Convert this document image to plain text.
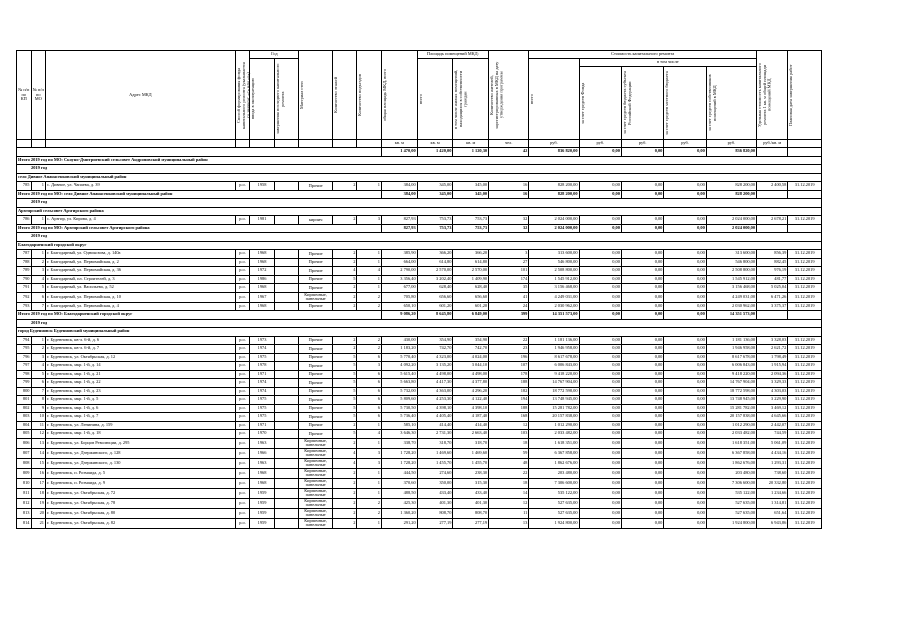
№ п/п по КП	№ п/п по МО	Адрес МКД	Способ формирования фонда капитального ремонта (указывается со значком: «с» или «о»)	Год		Материал стен	Количество этажей	Количество подъездов	общая площадь МКД, всего	Площадь помещений МКД:		Количество жителей, зарегистрированных в МКД на дату утверждения программы	Стоимость капитального ремонта					Удельная стоимость капитального ремонта 1 кв. м общей площади помещений МКД	Плановая дата завершения работ

				ввода в эксплуатацию	завершения последнего капитального ремонта					всего	в том числе жилых помещений, находящихся в собственности граждан		всего	в том числе					

														за счет средств Фонда	за счет средств бюджета субъекта Российской Федерации	за счет средств местного бюджета	за счет средств собственников помещений в МКД		

									кв. м	кв. м	кв. м	чел.	руб.	руб.	руб.	руб.	руб.	руб./кв. м	
									1 470,00	1 420,00	1 120,30	42	836 820,00	0,00	0,00	0,00	836 820,00		
Итого 2019 год по МО: Скоуно-Дмитриевский сельсовет Андроповский муниципальный район																			
2019 год																			
село Дивное Апанасенковский муниципальный район																			
785	1	с. Дивное, ул. Чапаева, д. 39	р.о.	1958		Прочие	2	1	384,00	345,00	345,00	16	828 200,00	0,00	0,00	0,00	828 200,00	2 400,58	31.12.2019
Итого 2019 год по МО: село Дивное Апанасенковский муниципальный район									384,00	345,00	345,00	16	828 200,00	0,00	0,00	0,00	828 200,00		
2019 год																			
Арзгирский сельсовет Арзгирского района																			
786	1	с. Арзгир, ул. Кирова, д. 4	р.о.	1981		кирпич	2	3	827,93	753,73	753,73	32	2 024 000,00	0,00	0,00	0,00	2 024 000,00	2 678,21	31.12.2019
Итого 2019 год по МО: Арзгирский сельсовет Арзгирского района									827,93	753,73	753,73	32	2 024 000,00	0,00	0,00	0,00	2 024 000,00		
2019 год																			
Благодарненский городской округ																			
787	1	г. Благодарный, ул. Однокозова, д. 140а	р.о.	1968		Прочие	2	1	385,90	366,20	366,20	3	313 600,00	0,00	0,00	0,00	313 600,00	856,39	31.12.2019
788	2	г. Благодарный, ул. Первомайская, д. 2	р.о.	1968		Прочие	2	1	664,00	614,80	614,80	27	546 800,00	0,00	0,00	0,00	546 800,00	882,45	31.12.2019
789	3	г. Благодарный, ул. Первомайская, д. 36	р.о.	1972		Прочие	4	4	2 790,00	2 570,00	2 570,00	101	2 508 800,00	0,00	0,00	0,00	2 508 800,00	976,19	31.12.2019
790	4	г. Благодарный, пл. Строителей, д. 3	р.о.	1986		Прочие	5	1	3 356,40	3 202,40	1 409,90	174	1 545 912,00	0,00	0,00	0,00	1 545 912,00	481,77	31.12.2019
791	5	г. Благодарный, ул. Васильева, д. 52	р.о.	1968		Прочие	2	1	677,00	628,40	628,40	35	3 156 468,00	0,00	0,00	0,00	3 156 468,00	5 025,04	31.12.2019
792	6	г. Благодарный, ул. Первомайская, д. 10	р.о.	1967		Кирпичные, панельные	2	2	705,80	656,60	656,60	41	4 249 031,00	0,00	0,00	0,00	4 249 031,00	6 471,26	31.12.2019
793	7	г. Благодарный, ул. Первомайская, д. 4	р.о.	1968		Прочие	2	2	650,10	601,20	601,20	24	2 030 962,00	0,00	0,00	0,00	2 030 962,00	3 375,37	31.12.2019
Итого 2019 год по МО: Благодарненский городской округ									9 086,20	8 645,80	6 849,00	399	14 351 573,00	0,00	0,00	0,00	14 351 573,00		
2019 год																			
город Буденновск Буденновский муниципальный район																			
794	1	г. Буденновск, кв-л. 6-й, д. 6	р.о.	1973		Прочие	2	2	430,00	354,90	354,90	22	1 181 136,00	0,00	0,00	0,00	1 181 136,00	3 328,03	31.12.2019
795	2	г. Буденновск, кв-л. 6-й, д. 7	р.о.	1974		Прочие	2	2	1 183,20	742,70	742,70	23	1 946 958,00	0,00	0,00	0,00	1 946 958,00	2 621,72	31.12.2019
796	3	г. Буденновск, ул. Октябрьская, д. 12	р.о.	1975		Прочие	5	6	5 770,40	4 323,00	4 024,00	196	8 617 678,00	0,00	0,00	0,00	8 617 678,00	1 798,49	31.12.2019
797	4	г. Буденновск, мкр. 1-й, д. 14	р.о.	1978		Прочие	5	3	4 092,20	3 135,20	3 044,10	107	6 006 843,00	0,00	0,00	0,00	6 006 843,00	1 915,94	31.12.2019
798	5	г. Буденновск, мкр. 1-й, д. 21	р.о.	1971		Прочие	5	6	5 615,40	4 498,00	4 498,00	178	9 418 220,00	0,00	0,00	0,00	9 418 220,00	2 094,36	31.12.2019
799	6	г. Буденновск, мкр. 1-й, д. 22	р.о.	1974		Прочие	5	6	5 663,80	4 417,30	4 377,80	188	14 767 904,00	0,00	0,00	0,00	14 767 904,00	3 329,33	31.12.2019
800	7	г. Буденновск, мкр. 1-й, д. 23	р.о.	1974		Прочие	5	6	5 732,00	4 363,00	4 296,20	182	18 772 598,00	0,00	0,00	0,00	18 772 598,00	4 303,03	31.12.2019
801	8	г. Буденновск, мкр. 1-й, д. 5	р.о.	1975		Прочие	5	6	5 809,60	4 253,30	4 122,40	194	13 748 945,00	0,00	0,00	0,00	13 748 945,00	3 229,90	31.12.2019
802	9	г. Буденновск, мкр. 1-й, д. 6	р.о.	1975		Прочие	5	6	5 730,50	4 398,10	4 398,10	188	15 281 782,00	0,00	0,00	0,00	15 281 782,00	3 469,12	31.12.2019
803	10	г. Буденновск, мкр. 1-й, д. 7	р.о.	1975		Прочие	5	6	5 736,40	4 405,40	4 187,40	168	20 157 838,00	0,00	0,00	0,00	20 157 838,00	4 645,66	31.12.2019
804	11	г. Буденновск, ул. Ленинина, д. 159	р.о.	1971		Прочие	2	1	585,10	414,40	414,40	12	1 012 290,00	0,00	0,00	0,00	1 012 290,00	2 442,07	31.12.2019
805	12	г. Буденновск, мкр. 1-й, д. 18	р.о.	1970		Прочие	5	4	3 646,30	2 731,30	2 663,40	103	2 033 482,00	0,00	0,00	0,00	2 033 482,00	744,59	31.12.2019
806	13	г. Буденновск, ул. Борцов Революции, д. 295	р.о.	1963		Кирпичные, панельные	2	1	338,70	318,70	318,70	18	1 618 351,00	0,00	0,00	0,00	1 618 351,00	5 061,09	31.12.2019
807	14	г. Буденновск, ул. Дзержинского, д. 128	р.о.	1966		Кирпичные, панельные	4	3	1 728,20	1 469,60	1 469,60	59	6 367 858,00	0,00	0,00	0,00	6 367 858,00	4 434,16	31.12.2019
808	15	г. Буденновск, ул. Дзержинского, д. 130	р.о.	1963		Кирпичные, панельные	4	3	1 728,20	1 455,70	1 455,70	48	1 862 676,00	0,00	0,00	0,00	1 862 676,00	1 293,31	31.12.2019
809	16	г. Буденновск, п. Розмаида, д. 5	р.о.	1968		Кирпичные, панельные	2	1	444,50	274,60	238,30	22	203 480,00	0,00	0,00	0,00	203 480,00	738,60	31.12.2019
810	17	г. Буденновск, п. Розмаида, д. 9	р.о.	1968		Кирпичные, панельные	2	1	370,60	350,00	315,30	18	7 306 600,00	0,00	0,00	0,00	7 306 600,00	20 332,80	31.12.2019
811	18	г. Буденновск, ул. Октябрьская, д. 72	р.о.	1959		Кирпичные, панельные	2	1	488,50	433,40	433,40	14	535 122,00	0,00	0,00	0,00	535 122,00	1 234,66	31.12.2019
812	19	г. Буденновск, ул. Октябрьская, д. 78	р.о.	1959		Кирпичные, панельные	2	2	425,30	401,30	401,30	12	527 635,00	0,00	0,00	0,00	527 635,00	1 314,81	31.12.2019
813	20	г. Буденновск, ул. Октябрьская, д. 80	р.о.	1959		Кирпичные, панельные	2	2	1 360,20	808,70	808,70	11	527 635,00	0,00	0,00	0,00	527 635,00	651,64	31.12.2019
814	21	г. Буденновск, ул. Октябрьская, д. 82	р.о.	1959		Кирпичные, панельные	2	1	291,20	277,19	277,19	13	1 924 800,00	0,00	0,00	0,00	1 924 800,00	6 943,86	31.12.2019
